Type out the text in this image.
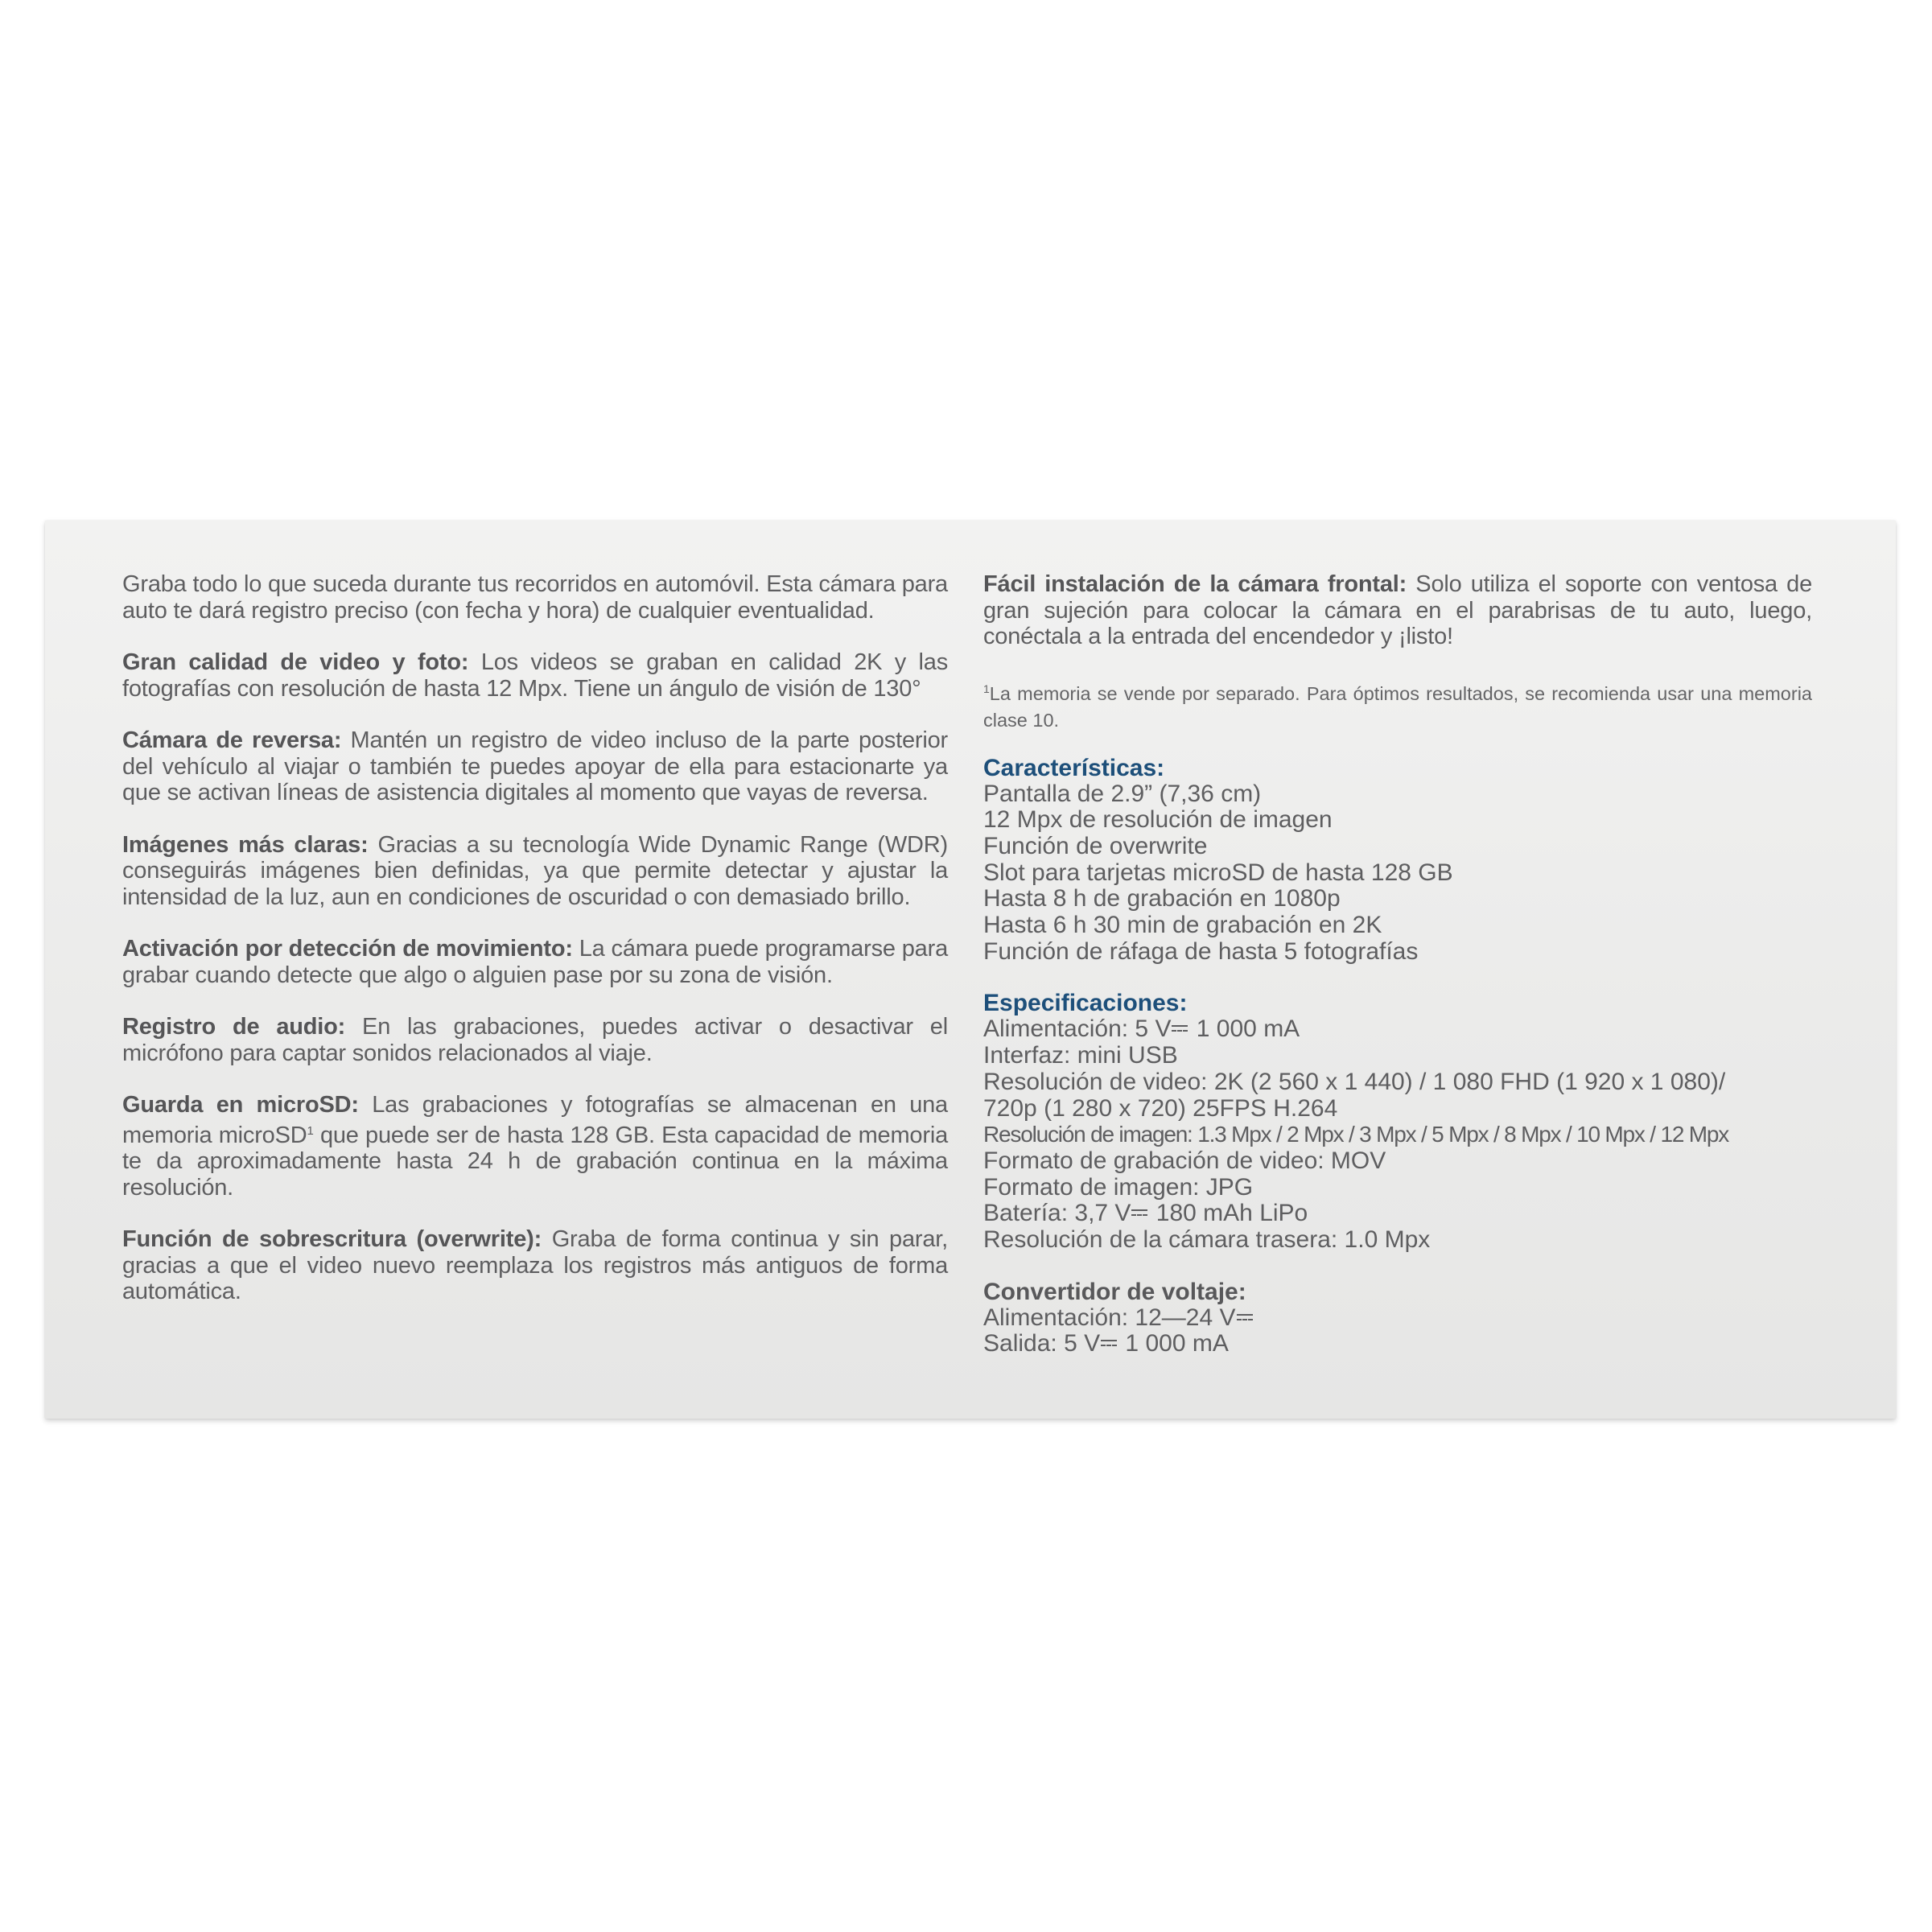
Graba todo lo que suceda durante tus recorridos en automóvil. Esta cámara para auto te dará registro preciso (con fecha y hora) de cualquier eventualidad.

Gran calidad de video y foto: Los videos se graban en calidad 2K y las fotografías con resolución de hasta 12 Mpx. Tiene un ángulo de visión de 130°

Cámara de reversa: Mantén un registro de video incluso de la parte posterior del vehículo al viajar o también te puedes apoyar de ella para estacionarte ya que se activan líneas de asistencia digitales al momento que vayas de reversa.

Imágenes más claras: Gracias a su tecnología Wide Dynamic Range (WDR) conseguirás imágenes bien definidas, ya que permite detectar y ajustar la intensidad de la luz, aun en condiciones de oscuridad o con demasiado brillo.

Activación por detección de movimiento: La cámara puede programarse para grabar cuando detecte que algo o alguien pase por su zona de visión.

Registro de audio: En las grabaciones, puedes activar o desactivar el micrófono para captar sonidos relacionados al viaje.

Guarda en microSD: Las grabaciones y fotografías se almacenan en una memoria microSD$^1$ que puede ser de hasta 128 GB. Esta capacidad de memoria te da aproximadamente hasta 24 h de grabación continua en la máxima resolución.

Función de sobrescritura (overwrite): Graba de forma continua y sin parar, gracias a que el video nuevo reemplaza los registros más antiguos de forma automática.

Fácil instalación de la cámara frontal: Solo utiliza el soporte con ventosa de gran sujeción para colocar la cámara en el parabrisas de tu auto, luego, conéctala a la entrada del encendedor y ¡listo!

$^1$La memoria se vende por separado. Para óptimos resultados, se recomienda usar una memoria clase 10.

Características:
Pantalla de 2.9” (7,36 cm)
12 Mpx de resolución de imagen
Función de overwrite
Slot para tarjetas microSD de hasta 128 GB
Hasta 8 h de grabación en 1080p
Hasta 6 h 30 min de grabación en 2K
Función de ráfaga de hasta 5 fotografías
Especificaciones:
Alimentación: 5 V 1 000 mA
Interfaz: mini USB
Resolución de video: 2K (2 560 x 1 440) / 1 080 FHD (1 920 x 1 080)/
720p (1 280 x 720) 25FPS H.264
Resolución de imagen: 1.3 Mpx / 2 Mpx / 3 Mpx / 5 Mpx / 8 Mpx / 10 Mpx / 12 Mpx
Formato de grabación de video: MOV
Formato de imagen: JPG
Batería: 3,7 V 180 mAh LiPo
Resolución de la cámara trasera: 1.0 Mpx
Convertidor de voltaje:
Alimentación: 12—24 V
Salida: 5 V 1 000 mA
